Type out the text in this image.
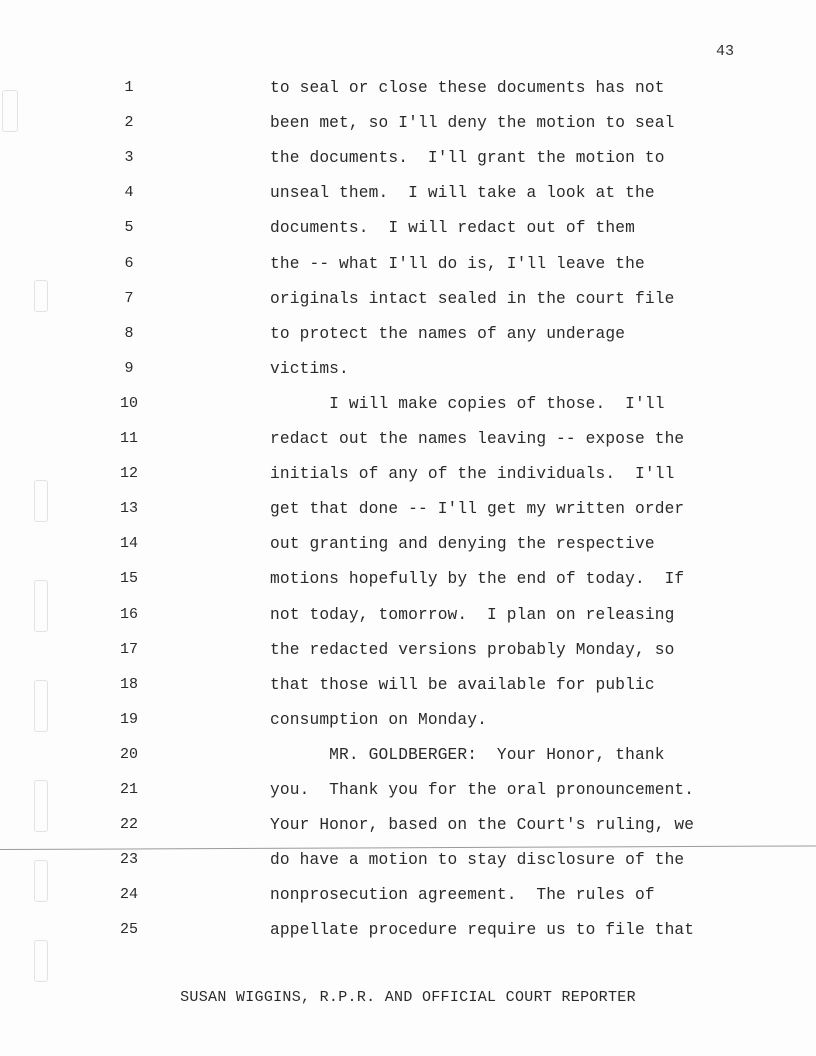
43
1	to seal or close these documents has not
2	been met, so I'll deny the motion to seal
3	the documents.  I'll grant the motion to
4	unseal them.  I will take a look at the
5	documents.  I will redact out of them
6	the -- what I'll do is, I'll leave the
7	originals intact sealed in the court file
8	to protect the names of any underage
9	victims.
10	I will make copies of those.  I'll
11	redact out the names leaving -- expose the
12	initials of any of the individuals.  I'll
13	get that done -- I'll get my written order
14	out granting and denying the respective
15	motions hopefully by the end of today.  If
16	not today, tomorrow.  I plan on releasing
17	the redacted versions probably Monday, so
18	that those will be available for public
19	consumption on Monday.
20	MR. GOLDBERGER:  Your Honor, thank
21	you.  Thank you for the oral pronouncement.
22	Your Honor, based on the Court's ruling, we
23	do have a motion to stay disclosure of the
24	nonprosecution agreement.  The rules of
25	appellate procedure require us to file that
SUSAN WIGGINS, R.P.R. AND OFFICIAL COURT REPORTER
